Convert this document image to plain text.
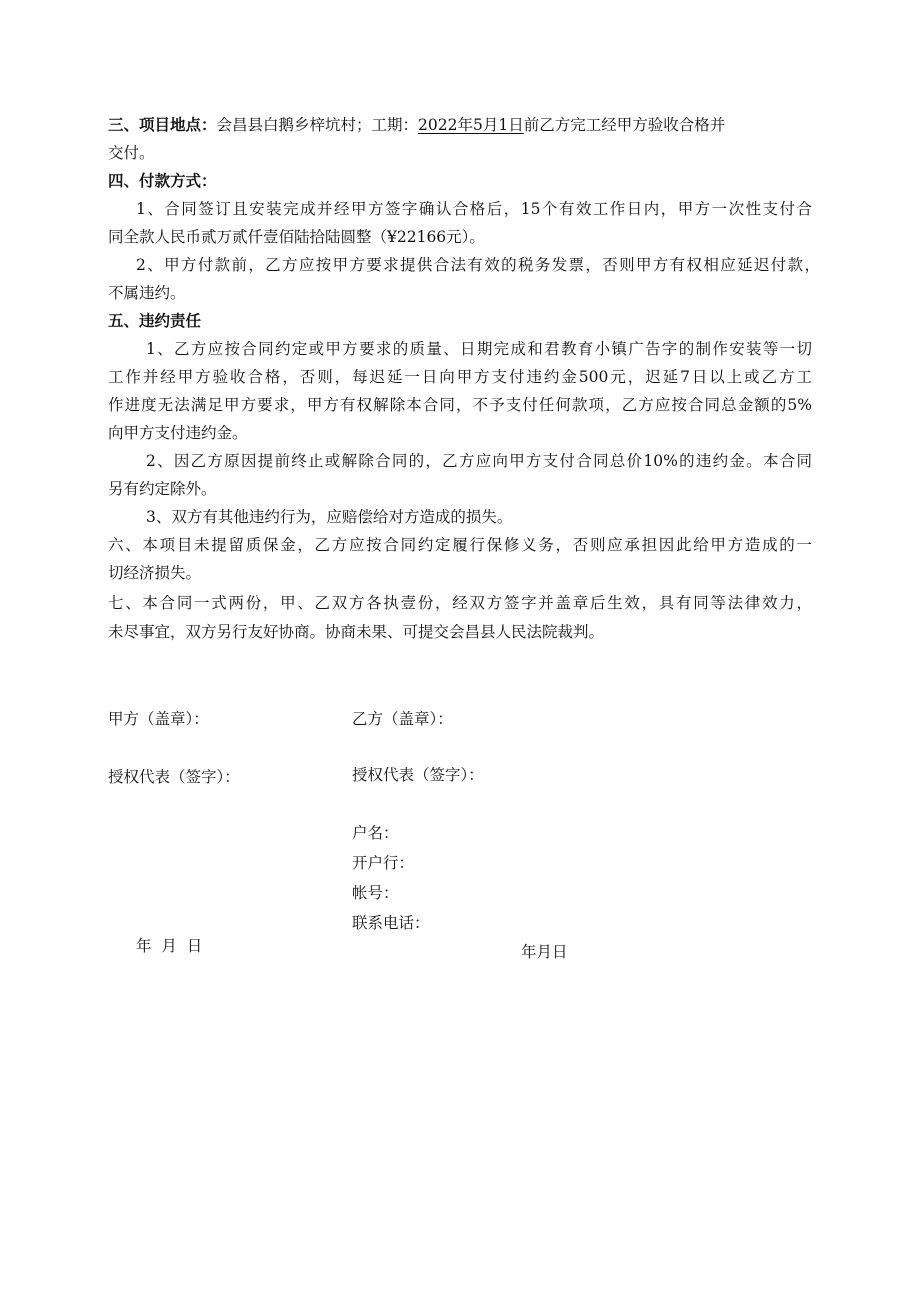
三、项目地点：会昌县白鹅乡梓坑村；工期：2022年5月1日前乙方完工经甲方验收合格并
交付。
四、付款方式：
1、合同签订且安装完成并经甲方签字确认合格后，15个有效工作日内，甲方一次性支付合
同全款人民币贰万贰仟壹佰陆拾陆圆整（¥22166元）。
2、甲方付款前，乙方应按甲方要求提供合法有效的税务发票，否则甲方有权相应延迟付款，
不属违约。
五、违约责任
1、乙方应按合同约定或甲方要求的质量、日期完成和君教育小镇广告字的制作安装等一切
工作并经甲方验收合格，否则，每迟延一日向甲方支付违约金500元，迟延7日以上或乙方工
作进度无法满足甲方要求，甲方有权解除本合同，不予支付任何款项，乙方应按合同总金额的5%
向甲方支付违约金。
2、因乙方原因提前终止或解除合同的，乙方应向甲方支付合同总价10%的违约金。本合同
另有约定除外。
3、双方有其他违约行为，应赔偿给对方造成的损失。
六、本项目未提留质保金，乙方应按合同约定履行保修义务，否则应承担因此给甲方造成的一
切经济损失。
七、本合同一式两份，甲、乙双方各执壹份，经双方签字并盖章后生效，具有同等法律效力，
未尽事宜，双方另行友好协商。协商未果、可提交会昌县人民法院裁判。
甲方（盖章）：	乙方（盖章）：
授权代表（签字）：	授权代表（签字）：
户名：
开户行：
帐号：
联系电话：
年  月  日	年月日
